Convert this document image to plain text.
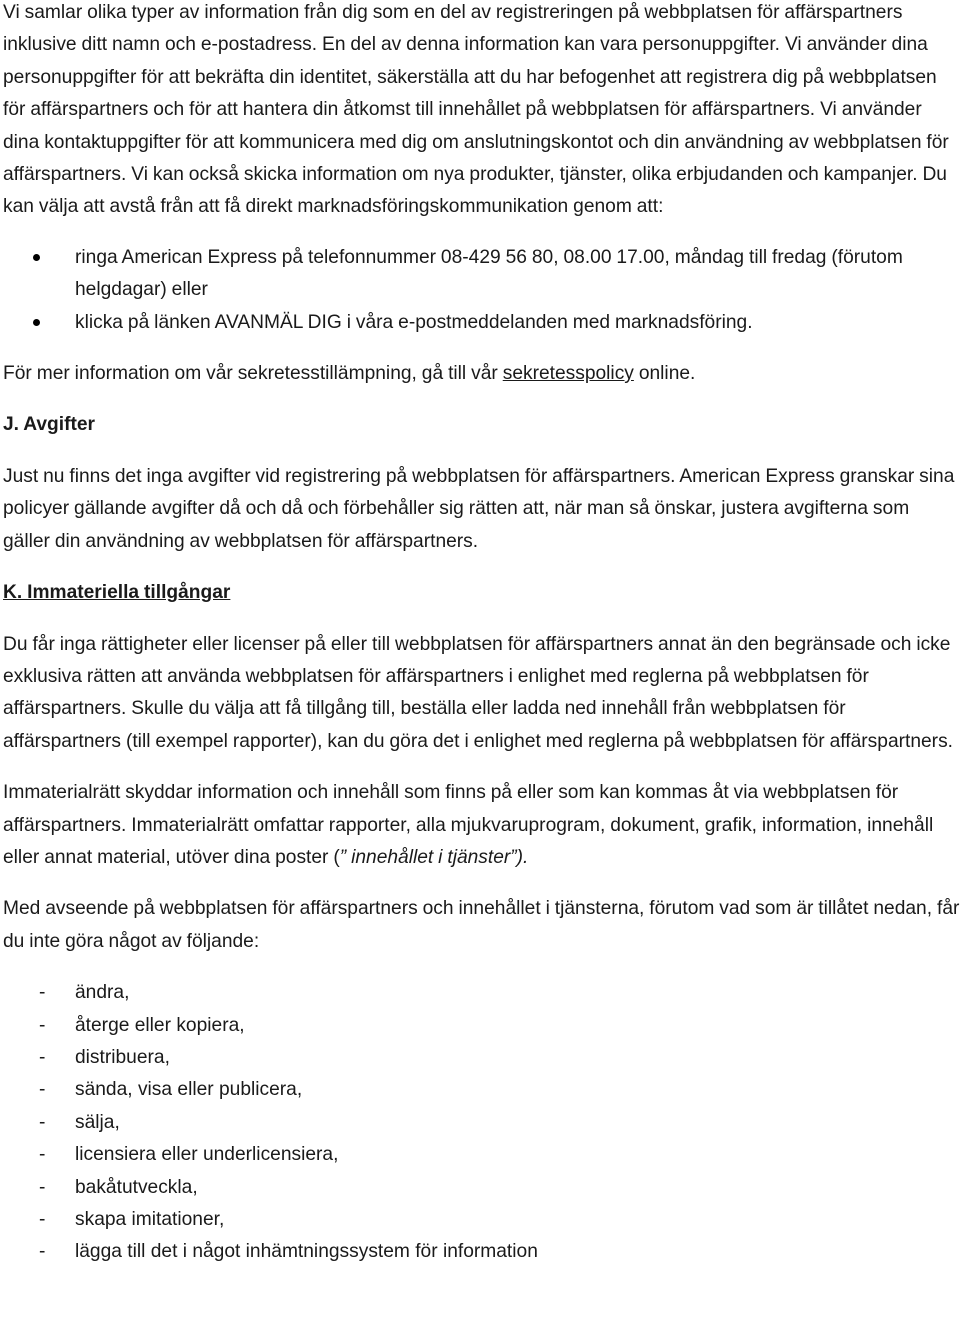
Vi samlar olika typer av information från dig som en del av registreringen på webbplatsen för affärspartners inklusive ditt namn och e-postadress. En del av denna information kan vara personuppgifter. Vi använder dina personuppgifter för att bekräfta din identitet, säkerställa att du har befogenhet att registrera dig på webbplatsen för affärspartners och för att hantera din åtkomst till innehållet på webbplatsen för affärspartners. Vi använder dina kontaktuppgifter för att kommunicera med dig om anslutningskontot och din användning av webbplatsen för affärspartners. Vi kan också skicka information om nya produkter, tjänster, olika erbjudanden och kampanjer. Du kan välja att avstå från att få direkt marknadsföringskommunikation genom att:

ringa American Express på telefonnummer 08-429 56 80, 08.00 17.00, måndag till fredag (förutom helgdagar) eller
klicka på länken AVANMÄL DIG i våra e-postmeddelanden med marknadsföring.

För mer information om vår sekretesstillämpning, gå till vår sekretesspolicy online.

J. Avgifter

Just nu finns det inga avgifter vid registrering på webbplatsen för affärspartners. American Express granskar sina policyer gällande avgifter då och då och förbehåller sig rätten att, när man så önskar, justera avgifterna som gäller din användning av webbplatsen för affärspartners.

K. Immateriella tillgångar

Du får inga rättigheter eller licenser på eller till webbplatsen för affärspartners annat än den begränsade och icke exklusiva rätten att använda webbplatsen för affärspartners i enlighet med reglerna på webbplatsen för affärspartners. Skulle du välja att få tillgång till, beställa eller ladda ned innehåll från webbplatsen för affärspartners (till exempel rapporter), kan du göra det i enlighet med reglerna på webbplatsen för affärspartners.

Immaterialrätt skyddar information och innehåll som finns på eller som kan kommas åt via webbplatsen för affärspartners. Immaterialrätt omfattar rapporter, alla mjukvaruprogram, dokument, grafik, information, innehåll eller annat material, utöver dina poster (” innehållet i tjänster”).

Med avseende på webbplatsen för affärspartners och innehållet i tjänsterna, förutom vad som är tillåtet nedan, får du inte göra något av följande:

- ändra,
- återge eller kopiera,
- distribuera,
- sända, visa eller publicera,
- sälja,
- licensiera eller underlicensiera,
- bakåtutveckla,
- skapa imitationer,
- lägga till det i något inhämtningssystem för information
